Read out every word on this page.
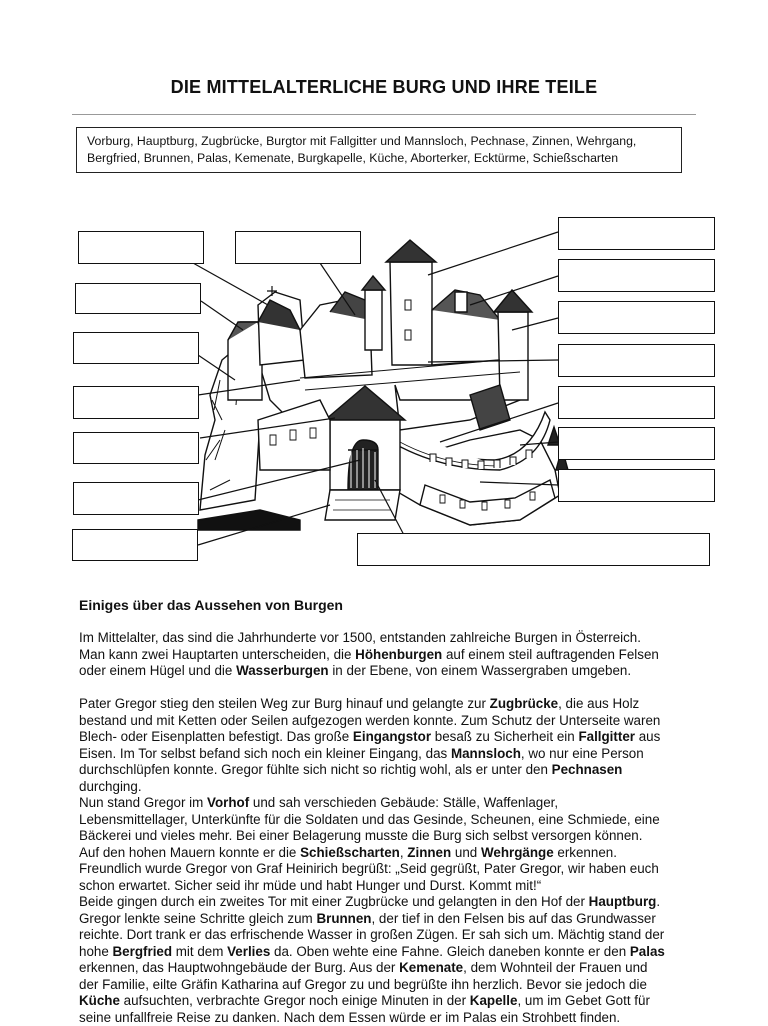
DIE MITTELALTERLICHE BURG UND IHRE TEILE
Vorburg, Hauptburg, Zugbrücke, Burgtor mit Fallgitter und Mannsloch, Pechnase, Zinnen, Wehrgang,
Bergfried, Brunnen, Palas, Kemenate, Burgkapelle, Küche, Aborterker, Ecktürme, Schießscharten
Einiges über das Aussehen von Burgen
Im Mittelalter, das sind die Jahrhunderte vor 1500, entstanden zahlreiche Burgen in Österreich.
Man kann zwei Hauptarten unterscheiden, die Höhenburgen auf einem steil auftragenden Felsen
oder einem Hügel und die Wasserburgen in der Ebene, von einem Wassergraben umgeben.
Pater Gregor stieg den steilen Weg zur Burg hinauf und gelangte zur Zugbrücke, die aus Holz
bestand und mit Ketten oder Seilen aufgezogen werden konnte. Zum Schutz der Unterseite waren
Blech- oder Eisenplatten befestigt. Das große Eingangstor besaß zu Sicherheit ein Fallgitter aus
Eisen. Im Tor selbst befand sich noch ein kleiner Eingang, das Mannsloch, wo nur eine Person
durchschlüpfen konnte. Gregor fühlte sich nicht so richtig wohl, als er unter den Pechnasen
durchging.
Nun stand Gregor im Vorhof und sah verschieden Gebäude: Ställe, Waffenlager,
Lebensmittellager, Unterkünfte für die Soldaten und das Gesinde, Scheunen, eine Schmiede, eine
Bäckerei und vieles mehr. Bei einer Belagerung musste die Burg sich selbst versorgen können.
Auf den hohen Mauern konnte er die Schießscharten, Zinnen und Wehrgänge erkennen.
Freundlich wurde Gregor von Graf Heinirich begrüßt: „Seid gegrüßt, Pater Gregor, wir haben euch
schon erwartet. Sicher seid ihr müde und habt Hunger und Durst. Kommt mit!“
Beide gingen durch ein zweites Tor mit einer Zugbrücke und gelangten in den Hof der Hauptburg.
Gregor lenkte seine Schritte gleich zum Brunnen, der tief in den Felsen bis auf das Grundwasser
reichte. Dort trank er das erfrischende Wasser in großen Zügen. Er sah sich um. Mächtig stand der
hohe Bergfried mit dem Verlies da. Oben wehte eine Fahne. Gleich daneben konnte er den Palas
erkennen, das Hauptwohngebäude der Burg. Aus der Kemenate, dem Wohnteil der Frauen und
der Familie, eilte Gräfin Katharina auf Gregor zu und begrüßte ihn herzlich. Bevor sie jedoch die
Küche aufsuchten, verbrachte Gregor noch einige Minuten in der Kapelle, um im Gebet Gott für
seine unfallfreie Reise zu danken. Nach dem Essen würde er im Palas ein Strohbett finden.
